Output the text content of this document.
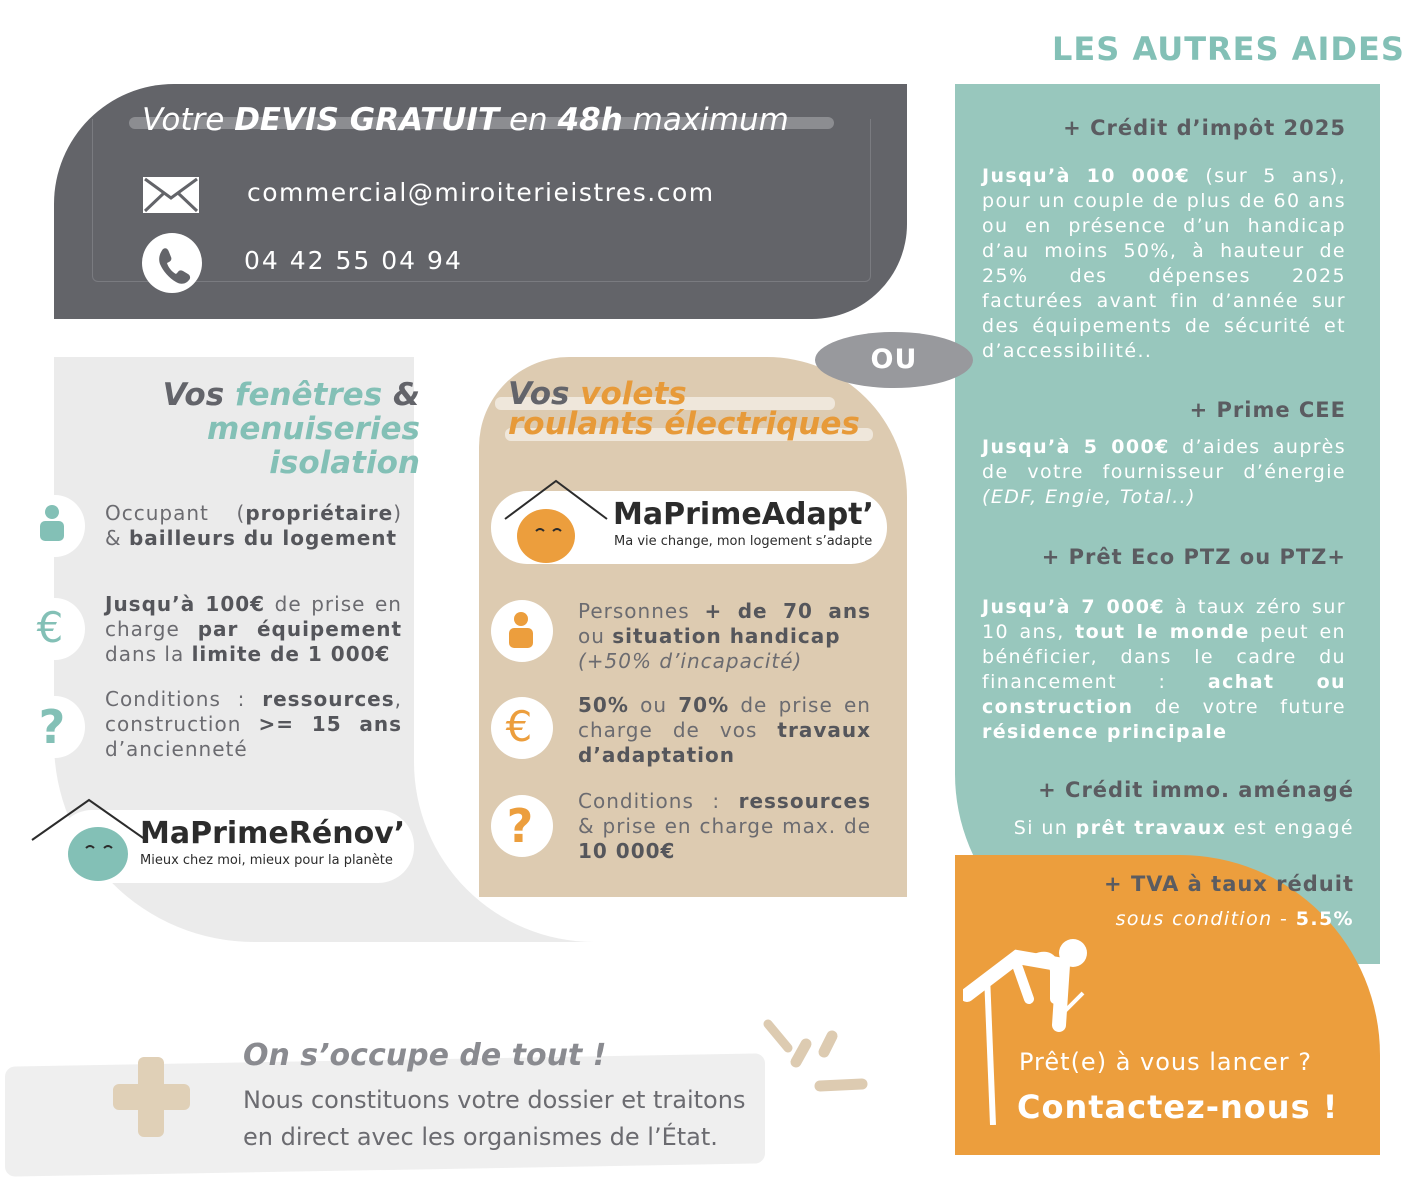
Votre DEVIS GRATUIT en 48h maximum
commercial@miroiterieistres.com
04 42 55 04 94
Vos fenêtres &
menuiseries isolation
Occupant (propriétaire) & bailleurs du logement
€	Jusqu’à 100€ de prise en charge par équipement dans la limite de 1 000€
?
Conditions : ressources, construction >= 15 ans d’ancienneté
MaPrimeRénov’
Mieux chez moi, mieux pour la planète
Vos volets
roulants électriques
MaPrimeAdapt’
Ma vie change, mon logement s’adapte
Personnes + de 70 ans ou situation handicap
(+50% d’incapacité)
€	50% ou 70% de prise en charge de vos travaux d’adaptation
?	Conditions : ressources & prise en charge max. de 10 000€
LES AUTRES AIDES
+ Crédit d’impôt 2025
Jusqu’à 10 000€ (sur 5 ans), pour un couple de plus de 60 ans ou en présence d’un handicap d’au moins 50%, à hauteur de 25% des dépenses 2025 facturées avant fin d’année sur des équipements de sécurité et d’accessibilité..
+ Prime CEE
Jusqu’à 5 000€ d’aides auprès de votre fournisseur d’énergie (EDF, Engie, Total..)
+ Prêt Eco PTZ ou PTZ+
Jusqu’à 7 000€ à taux zéro sur 10 ans, tout le monde peut en bénéficier, dans le cadre du financement : achat ou construction de votre future résidence principale
+ Crédit immo. aménagé
Si un prêt travaux est engagé
Prêt(e) à vous lancer ?
Contactez-nous !
+ TVA à taux réduit
sous condition - 5.5%
OU
On s’occupe de tout !
Nous constituons votre dossier et traitons
en direct avec les organismes de l’État.
